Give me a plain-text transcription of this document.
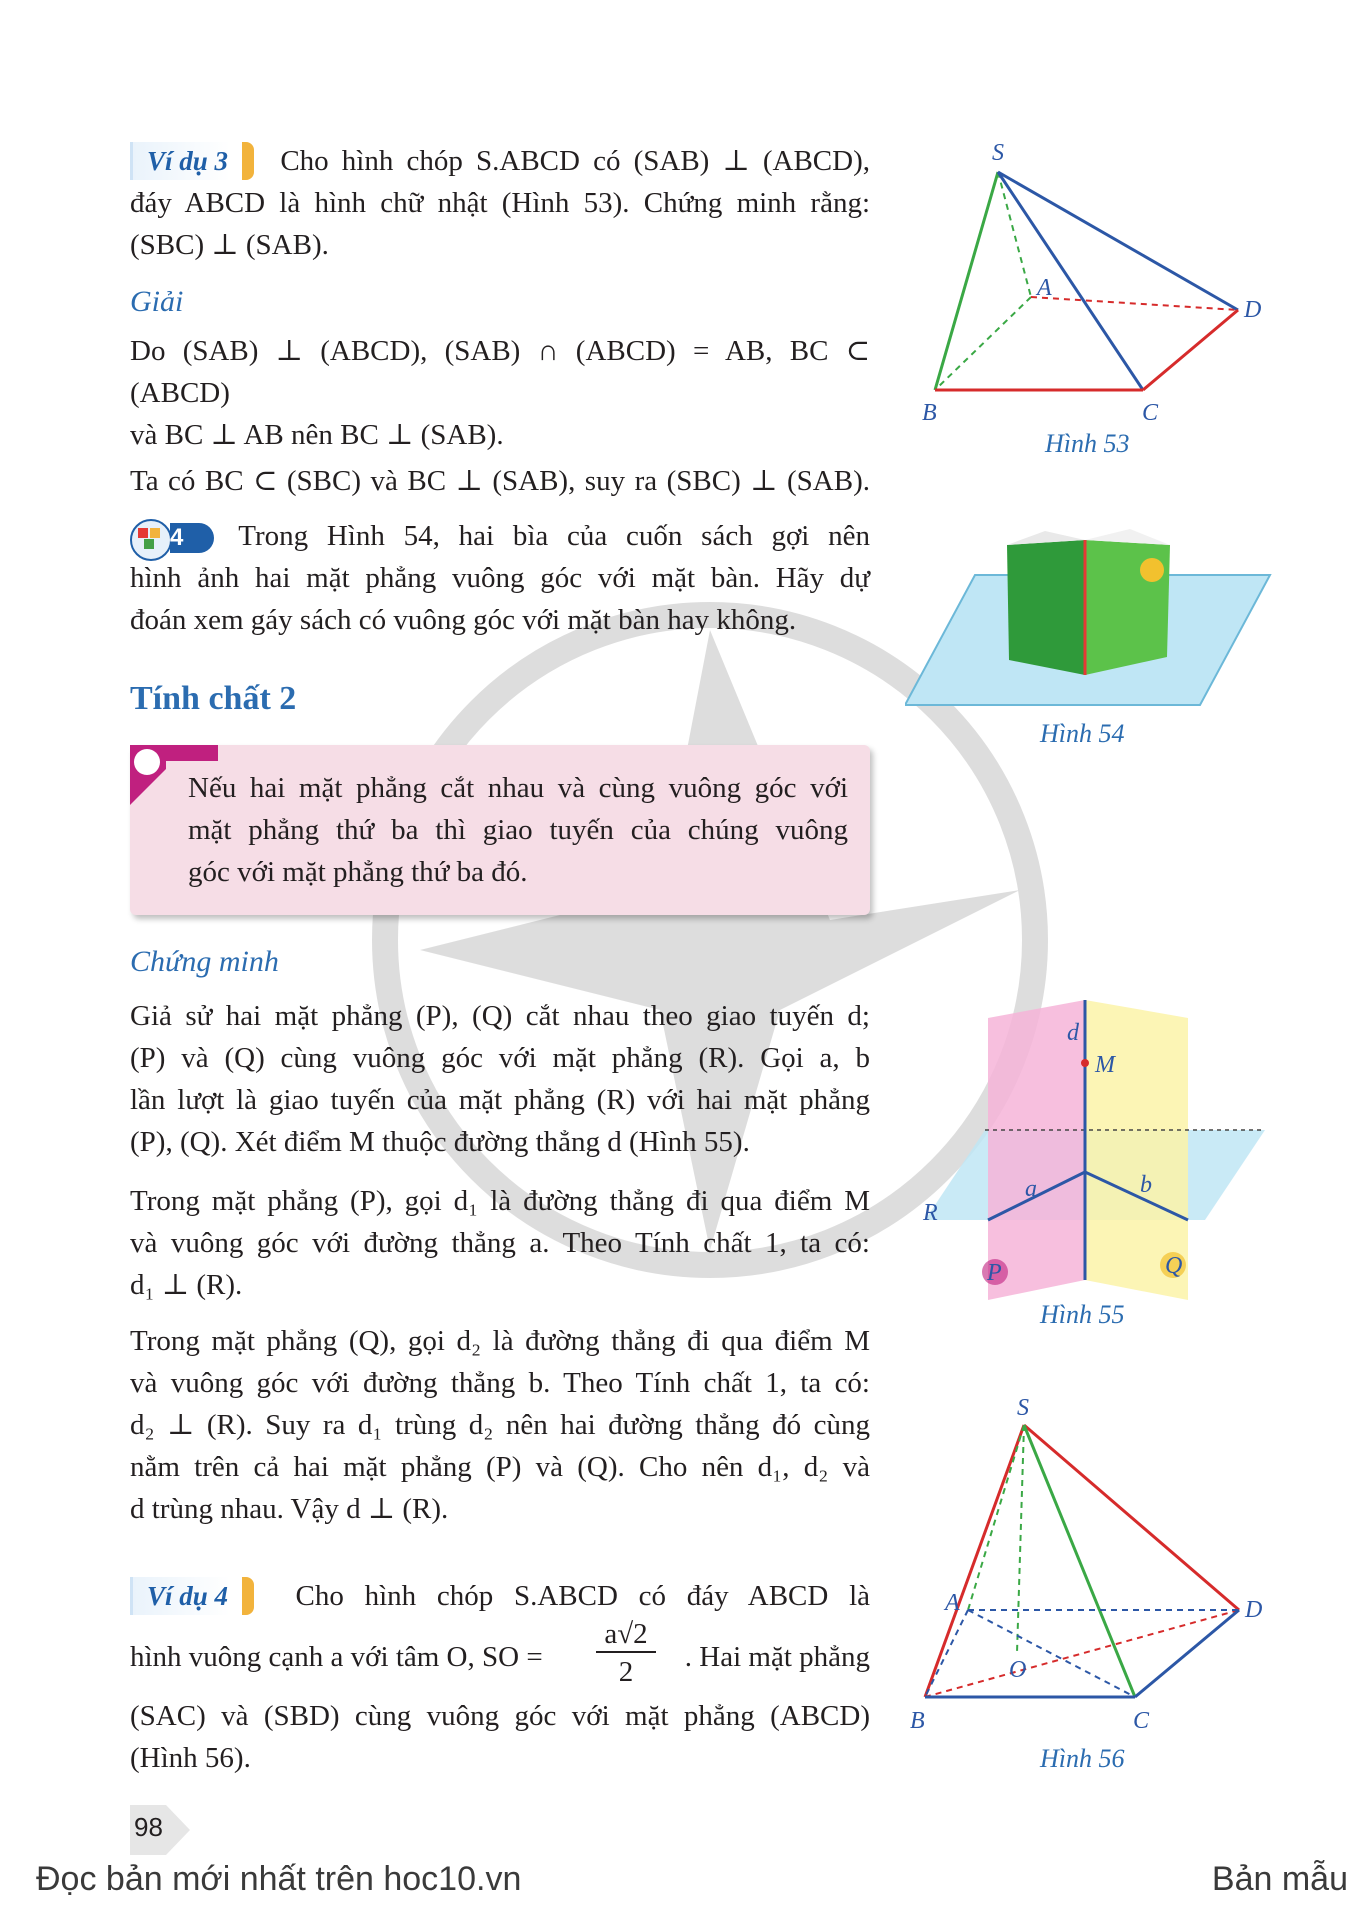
Ví dụ 3 Cho hình chóp S.ABCD có (SAB) ⊥ (ABCD),

đáy ABCD là hình chữ nhật (Hình 53). Chứng minh rằng:

(SBC) ⊥ (SAB).

Giải

Do (SAB) ⊥ (ABCD), (SAB) ∩ (ABCD) = AB, BC ⊂ (ABCD)

và BC ⊥ AB nên BC ⊥ (SAB).

Ta có BC ⊂ (SBC) và BC ⊥ (SAB), suy ra (SBC) ⊥ (SAB).

4	Trong Hình 54, hai bìa của cuốn sách gợi nên

hình ảnh hai mặt phẳng vuông góc với mặt bàn. Hãy dự

đoán xem gáy sách có vuông góc với mặt bàn hay không.

Tính chất 2

Nếu hai mặt phẳng cắt nhau và cùng vuông góc với

mặt phẳng thứ ba thì giao tuyến của chúng vuông

góc với mặt phẳng thứ ba đó.

Chứng minh

Giả sử hai mặt phẳng (P), (Q) cắt nhau theo giao tuyến d;

(P) và (Q) cùng vuông góc với mặt phẳng (R). Gọi a, b

lần lượt là giao tuyến của mặt phẳng (R) với hai mặt phẳng

(P), (Q). Xét điểm M thuộc đường thẳng d (Hình 55).

Trong mặt phẳng (P), gọi d₁ là đường thẳng đi qua điểm M

và vuông góc với đường thẳng a. Theo Tính chất 1, ta có:

d₁ ⊥ (R).

Trong mặt phẳng (Q), gọi d₂ là đường thẳng đi qua điểm M

và vuông góc với đường thẳng b. Theo Tính chất 1, ta có:

d₂ ⊥ (R). Suy ra d₁ trùng d₂ nên hai đường thẳng đó cùng

nằm trên cả hai mặt phẳng (P) và (Q). Cho nên d₁, d₂ và

d trùng nhau. Vậy d ⊥ (R).

Ví dụ 4 Cho hình chóp S.ABCD có đáy ABCD là

hình vuông cạnh a với tâm O, SO =
a√2
2	. Hai mặt phẳng

(SAC) và (SBD) cùng vuông góc với mặt phẳng (ABCD)

(Hình 56).

S
A
B	C
D
Hình 53
Hình 54
d
M
a	b
R
P	Q
Hình 55
S
A
B	C
D
O
Hình 56
98
Đọc bản mới nhất trên hoc10.vn	Bản mẫu
